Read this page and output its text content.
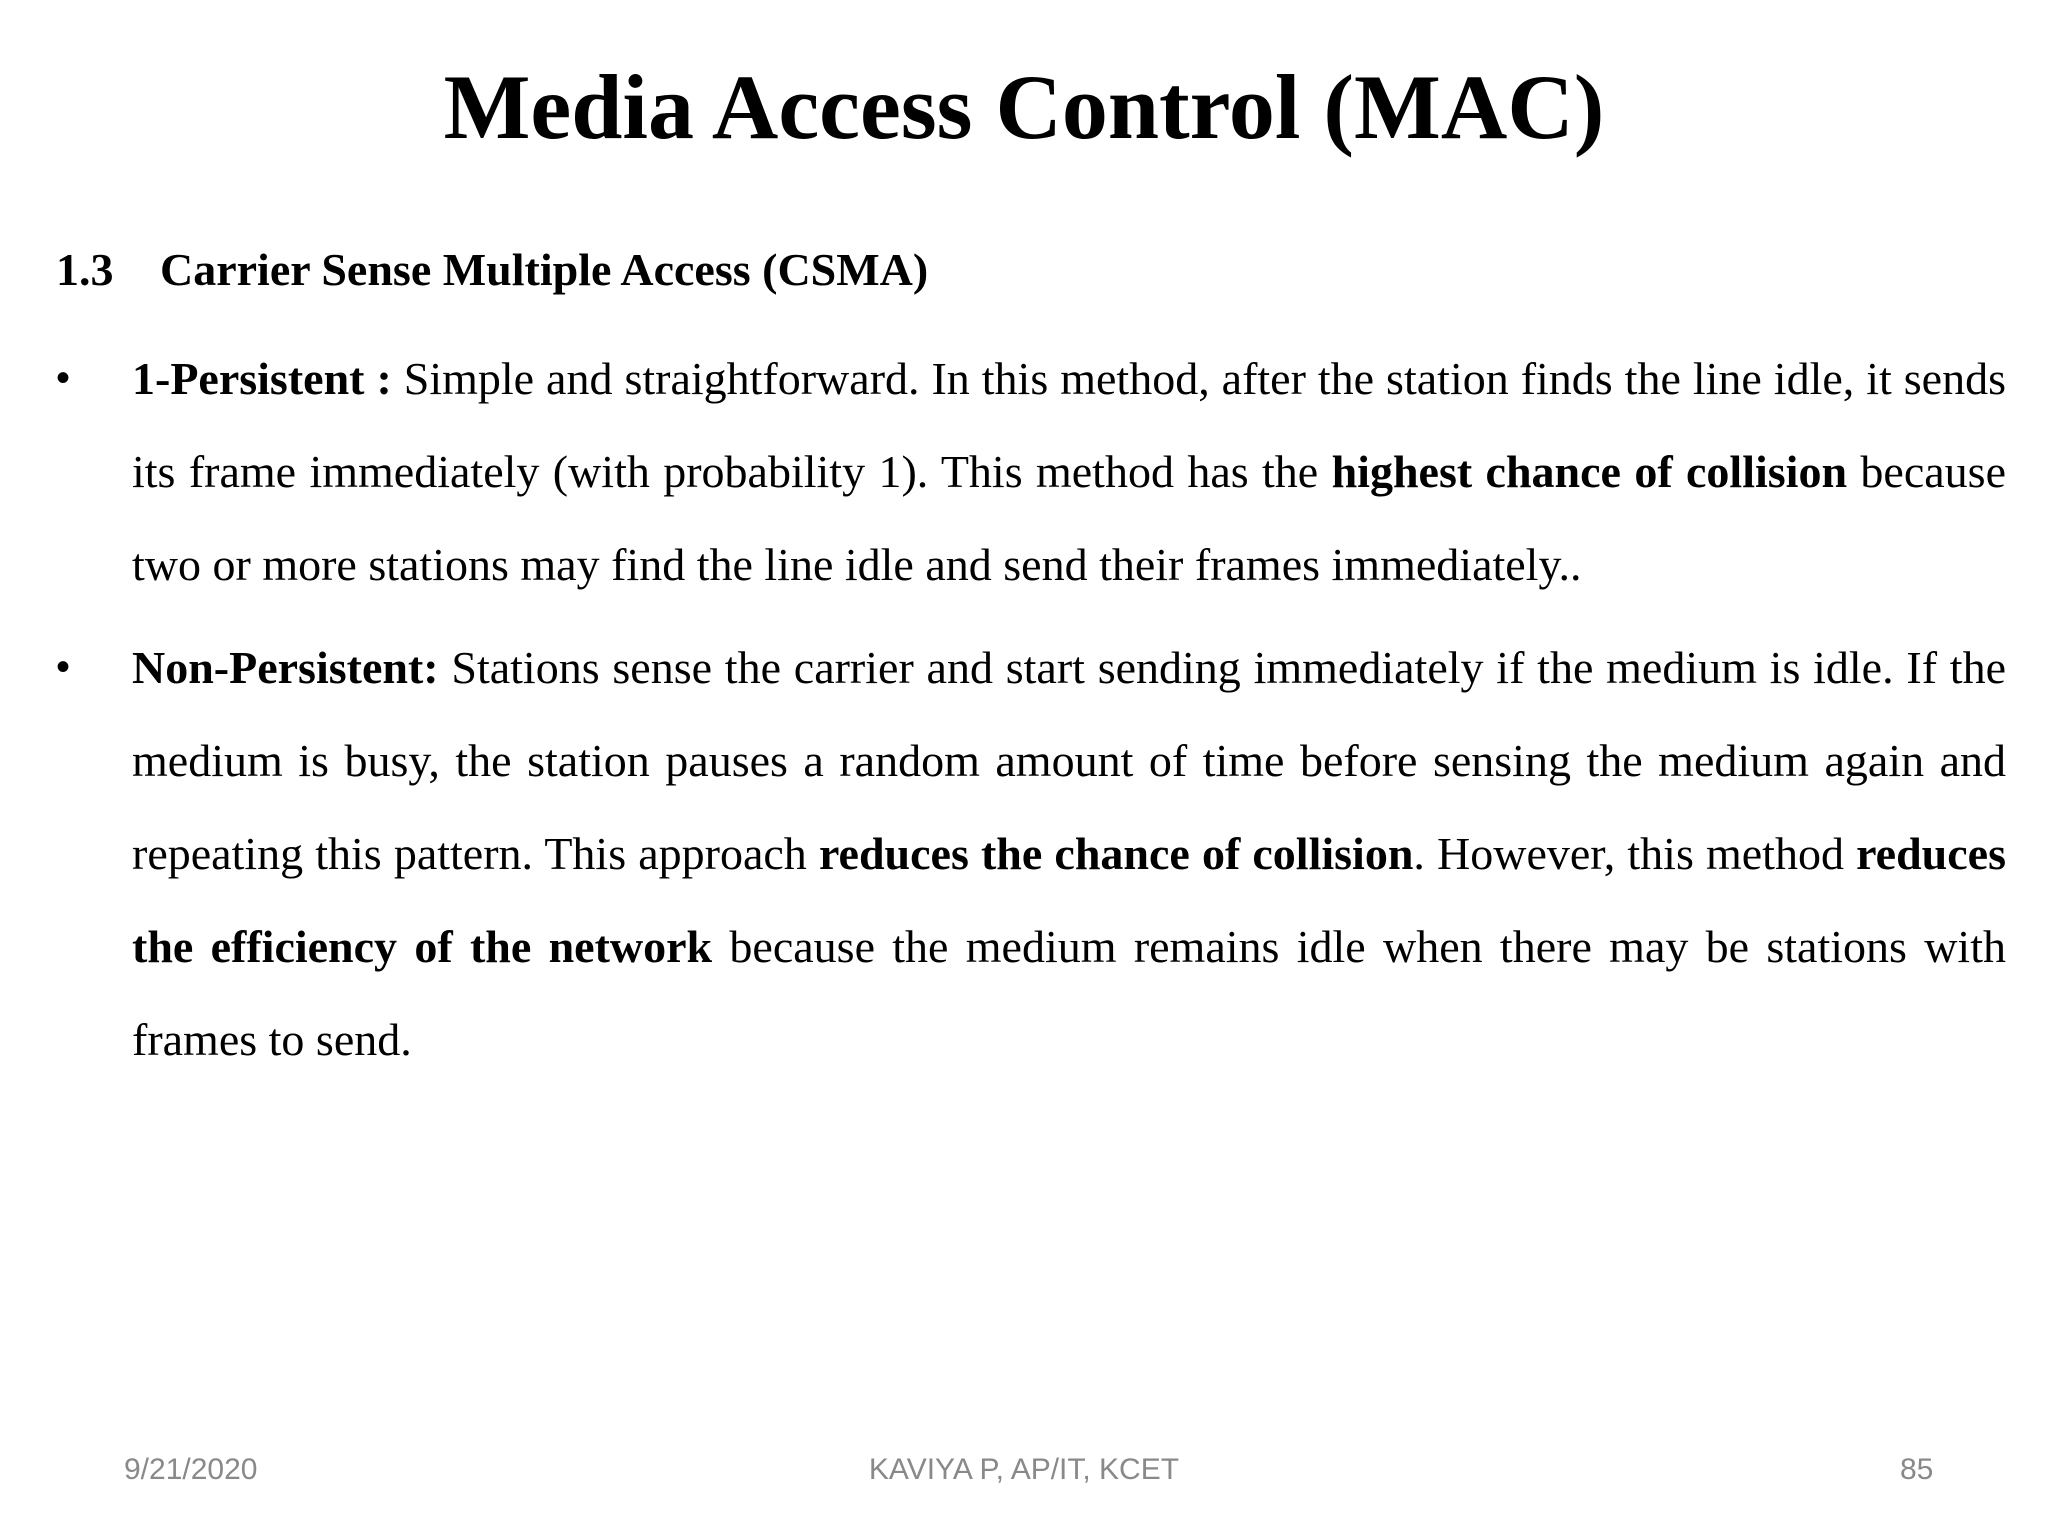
Media Access Control (MAC)
1.3 Carrier Sense Multiple Access (CSMA)
•	1-Persistent : Simple and straightforward. In this method, after the station finds the line idle, it sends its frame immediately (with probability 1). This method has the highest chance of collision because two or more stations may find the line idle and send their frames immediately..
•	Non-Persistent: Stations sense the carrier and start sending immediately if the medium is idle. If the medium is busy, the station pauses a random amount of time before sensing the medium again and repeating this pattern. This approach reduces the chance of collision. However, this method reduces the efficiency of the network because the medium remains idle when there may be stations with frames to send.
9/21/2020	KAVIYA P, AP/IT, KCET	85
